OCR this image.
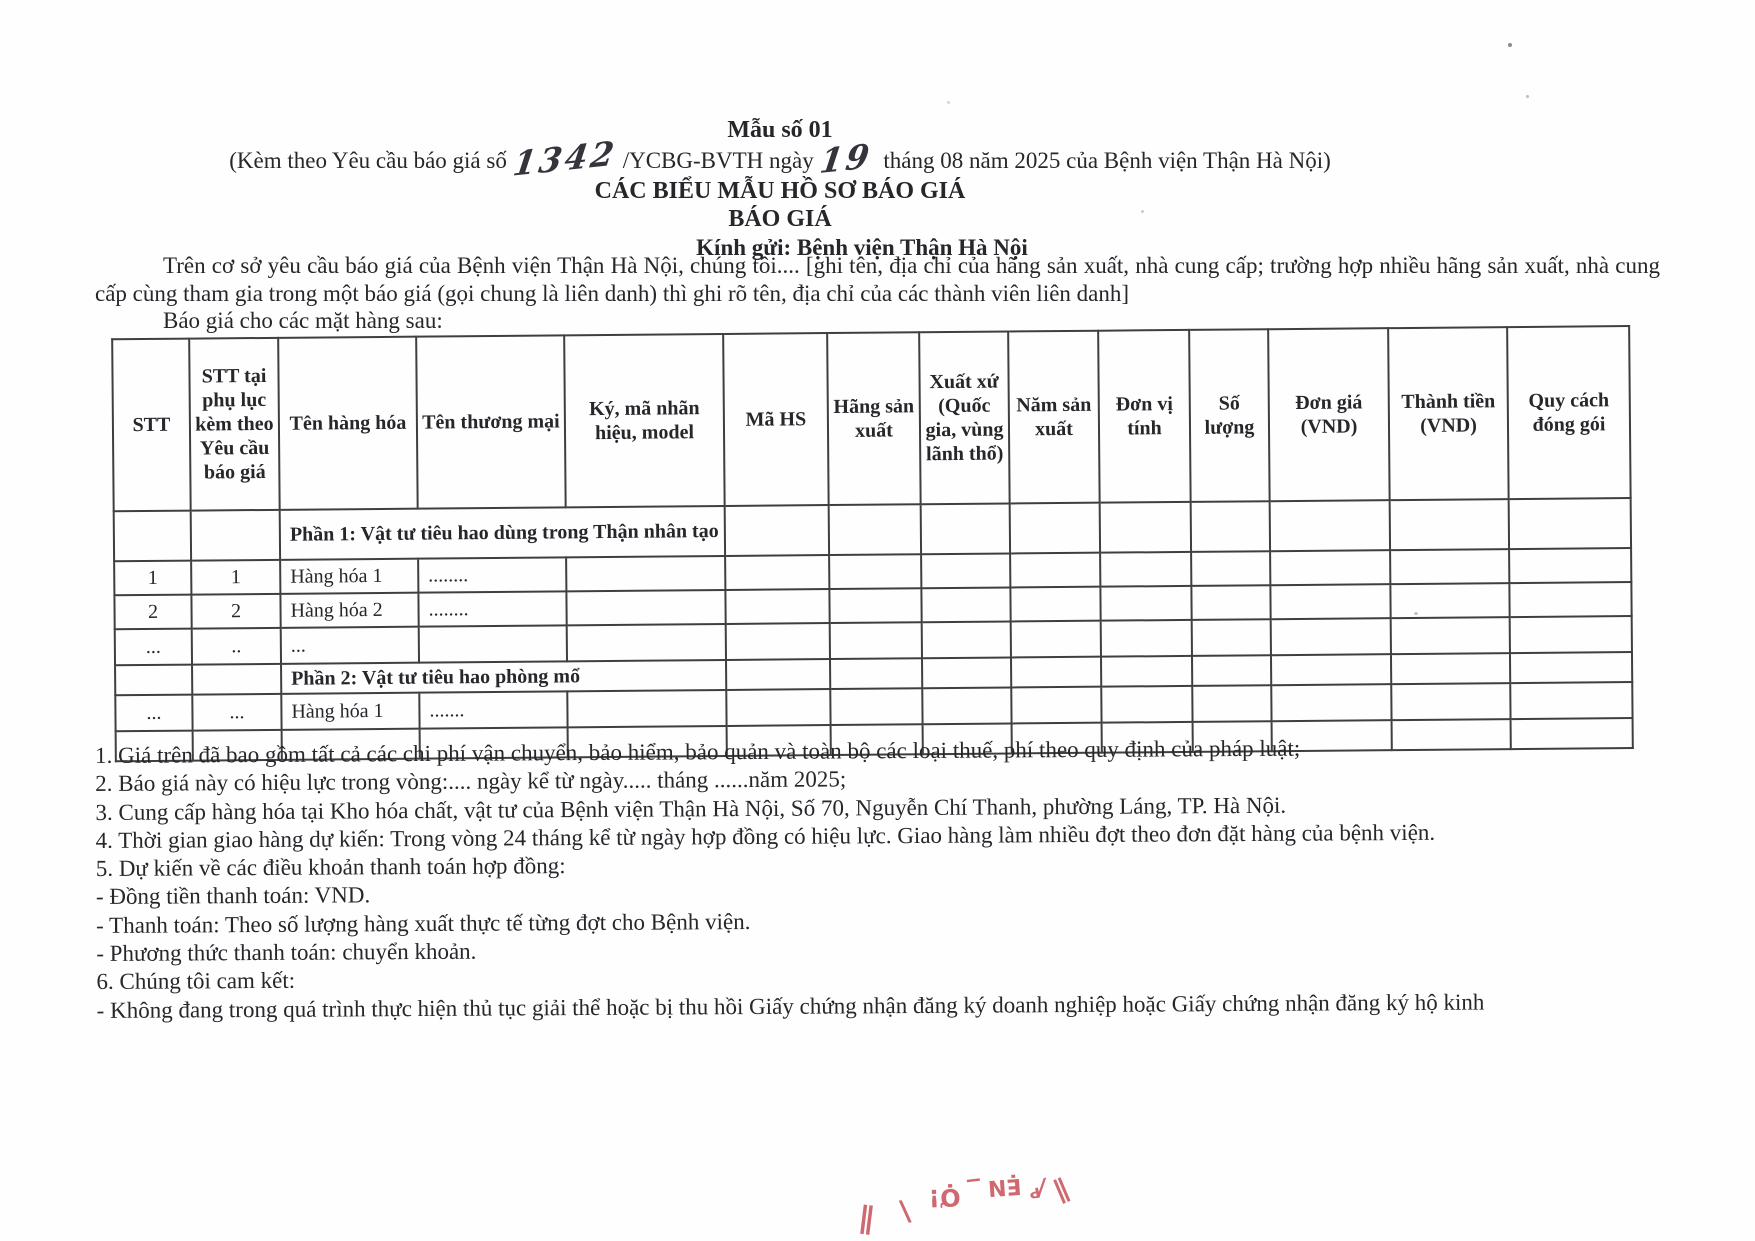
Mẫu số 01
(Kèm theo Yêu cầu báo giá số 1342 /YCBG-BVTH ngày 19 tháng 08 năm 2025 của Bệnh viện Thận Hà Nội)
CÁC BIỂU MẪU HỒ SƠ BÁO GIÁ
BÁO GIÁ
Kính gửi: Bệnh viện Thận Hà Nội
Trên cơ sở yêu cầu báo giá của Bệnh viện Thận Hà Nội, chúng tôi.... [ghi tên, địa chỉ của hãng sản xuất, nhà cung cấp; trường hợp nhiều hãng sản xuất, nhà cung cấp cùng tham gia trong một báo giá (gọi chung là liên danh) thì ghi rõ tên, địa chỉ của các thành viên liên danh]
Báo giá cho các mặt hàng sau:
STT	STT tại phụ lục kèm theo Yêu cầu báo giá	Tên hàng hóa	Tên thương mại	Ký, mã nhãn hiệu, model	Mã HS	Hãng sản xuất	Xuất xứ (Quốc gia, vùng lãnh thổ)	Năm sản xuất	Đơn vị tính	Số lượng	Đơn giá (VND)	Thành tiền (VND)	Quy cách đóng gói
		Phần 1: Vật tư tiêu hao dùng trong Thận nhân tạo											
1	1	Hàng hóa 1	........										
2	2	Hàng hóa 2	........										
...	..	...											
		Phần 2: Vật tư tiêu hao phòng mổ											
...	...	Hàng hóa 1	.......										

1. Giá trên đã bao gồm tất cả các chi phí vận chuyển, bảo hiểm, bảo quản và toàn bộ các loại thuế, phí theo quy định của pháp luật;
2. Báo giá này có hiệu lực trong vòng:.... ngày kể từ ngày..... tháng ......năm 2025;
3. Cung cấp hàng hóa tại Kho hóa chất, vật tư của Bệnh viện Thận Hà Nội, Số 70, Nguyễn Chí Thanh, phường Láng, TP. Hà Nội.
4. Thời gian giao hàng dự kiến: Trong vòng 24 tháng kể từ ngày hợp đồng có hiệu lực. Giao hàng làm nhiều đợt theo đơn đặt hàng của bệnh viện.
5. Dự kiến về các điều khoản thanh toán hợp đồng:
- Đồng tiền thanh toán: VND.
- Thanh toán: Theo số lượng hàng xuất thực tế từng đợt cho Bệnh viện.
- Phương thức thanh toán: chuyển khoản.
6. Chúng tôi cam kết:
- Không đang trong quá trình thực hiện thủ tục giải thể hoặc bị thu hồi Giấy chứng nhận đăng ký doanh nghiệp hoặc Giấy chứng nhận đăng ký hộ kinh
∥ \ Ợ! ‾ ẸN ⁄ᴾ ∥
